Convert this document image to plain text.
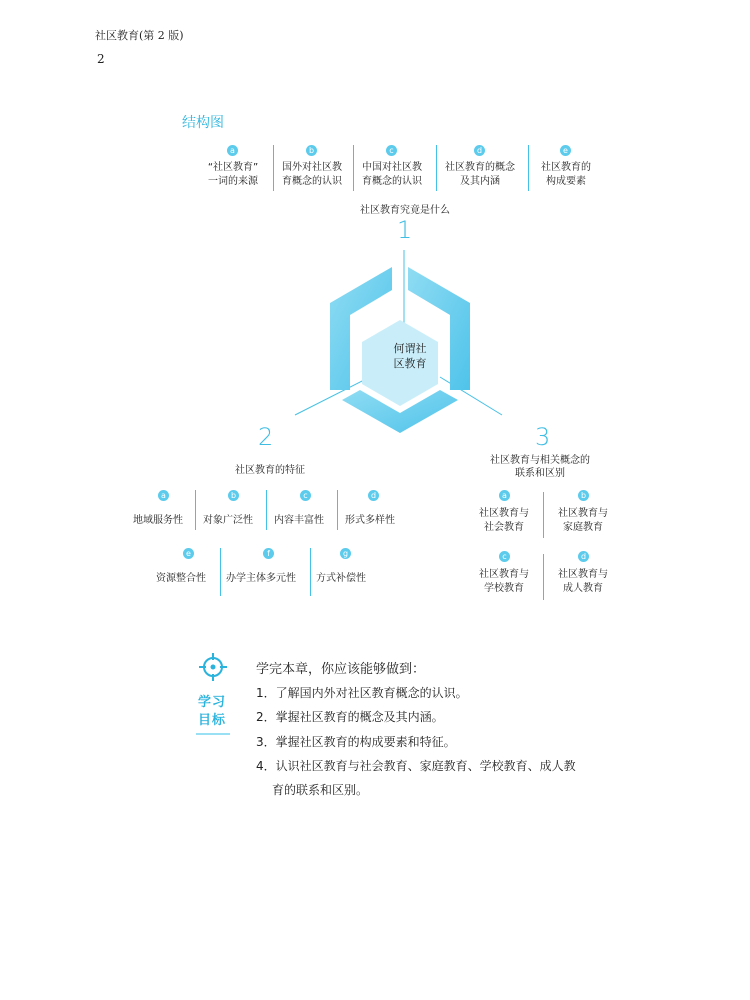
社区教育(第 2 版)
2
结构图
a
“社区教育”
一词的来源
b
国外对社区教
育概念的认识
c
中国对社区教
育概念的认识
d
社区教育的概念
及其内涵
e
社区教育的
构成要素
社区教育究竟是什么
1
何谓社
区教育
2
社区教育的特征
a
地域服务性
b
对象广泛性
c
内容丰富性
d
形式多样性
e
资源整合性
f
办学主体多元性
g
方式补偿性
3
社区教育与相关概念的
联系和区别
a
社区教育与
社会教育
b
社区教育与
家庭教育
c
社区教育与
学校教育
d
社区教育与
成人教育
学习
目标
学完本章，你应该能够做到：
1．了解国内外对社区教育概念的认识。
2．掌握社区教育的概念及其内涵。
3．掌握社区教育的构成要素和特征。
4．认识社区教育与社会教育、家庭教育、学校教育、成人教
育的联系和区别。
